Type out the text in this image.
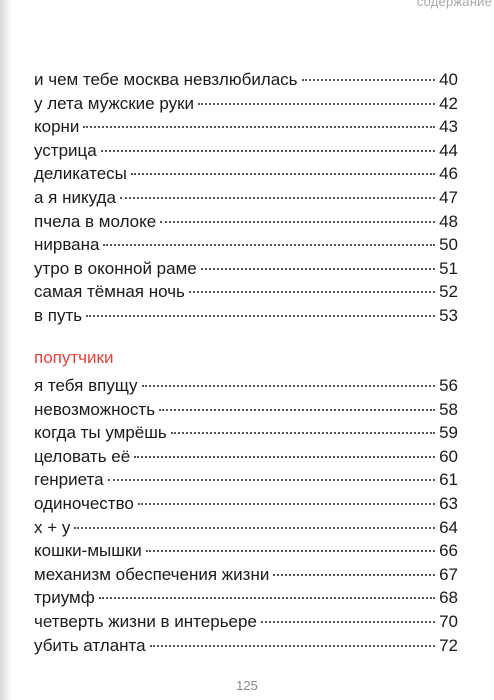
содержание
и чем тебе москва невзлюбилась	40
у лета мужские руки	42
корни	43
устрица	44
деликатесы	46
а я никуда	47
пчела в молоке	48
нирвана	50
утро в оконной раме	51
самая тёмная ночь	52
в путь	53
попутчики
я тебя впущу	56
невозможность	58
когда ты умрёшь	59
целовать её	60
генриета	61
одиночество	63
x + y	64
кошки-мышки	66
механизм обеспечения жизни	67
триумф	68
четверть жизни в интерьере	70
убить атланта	72
125
